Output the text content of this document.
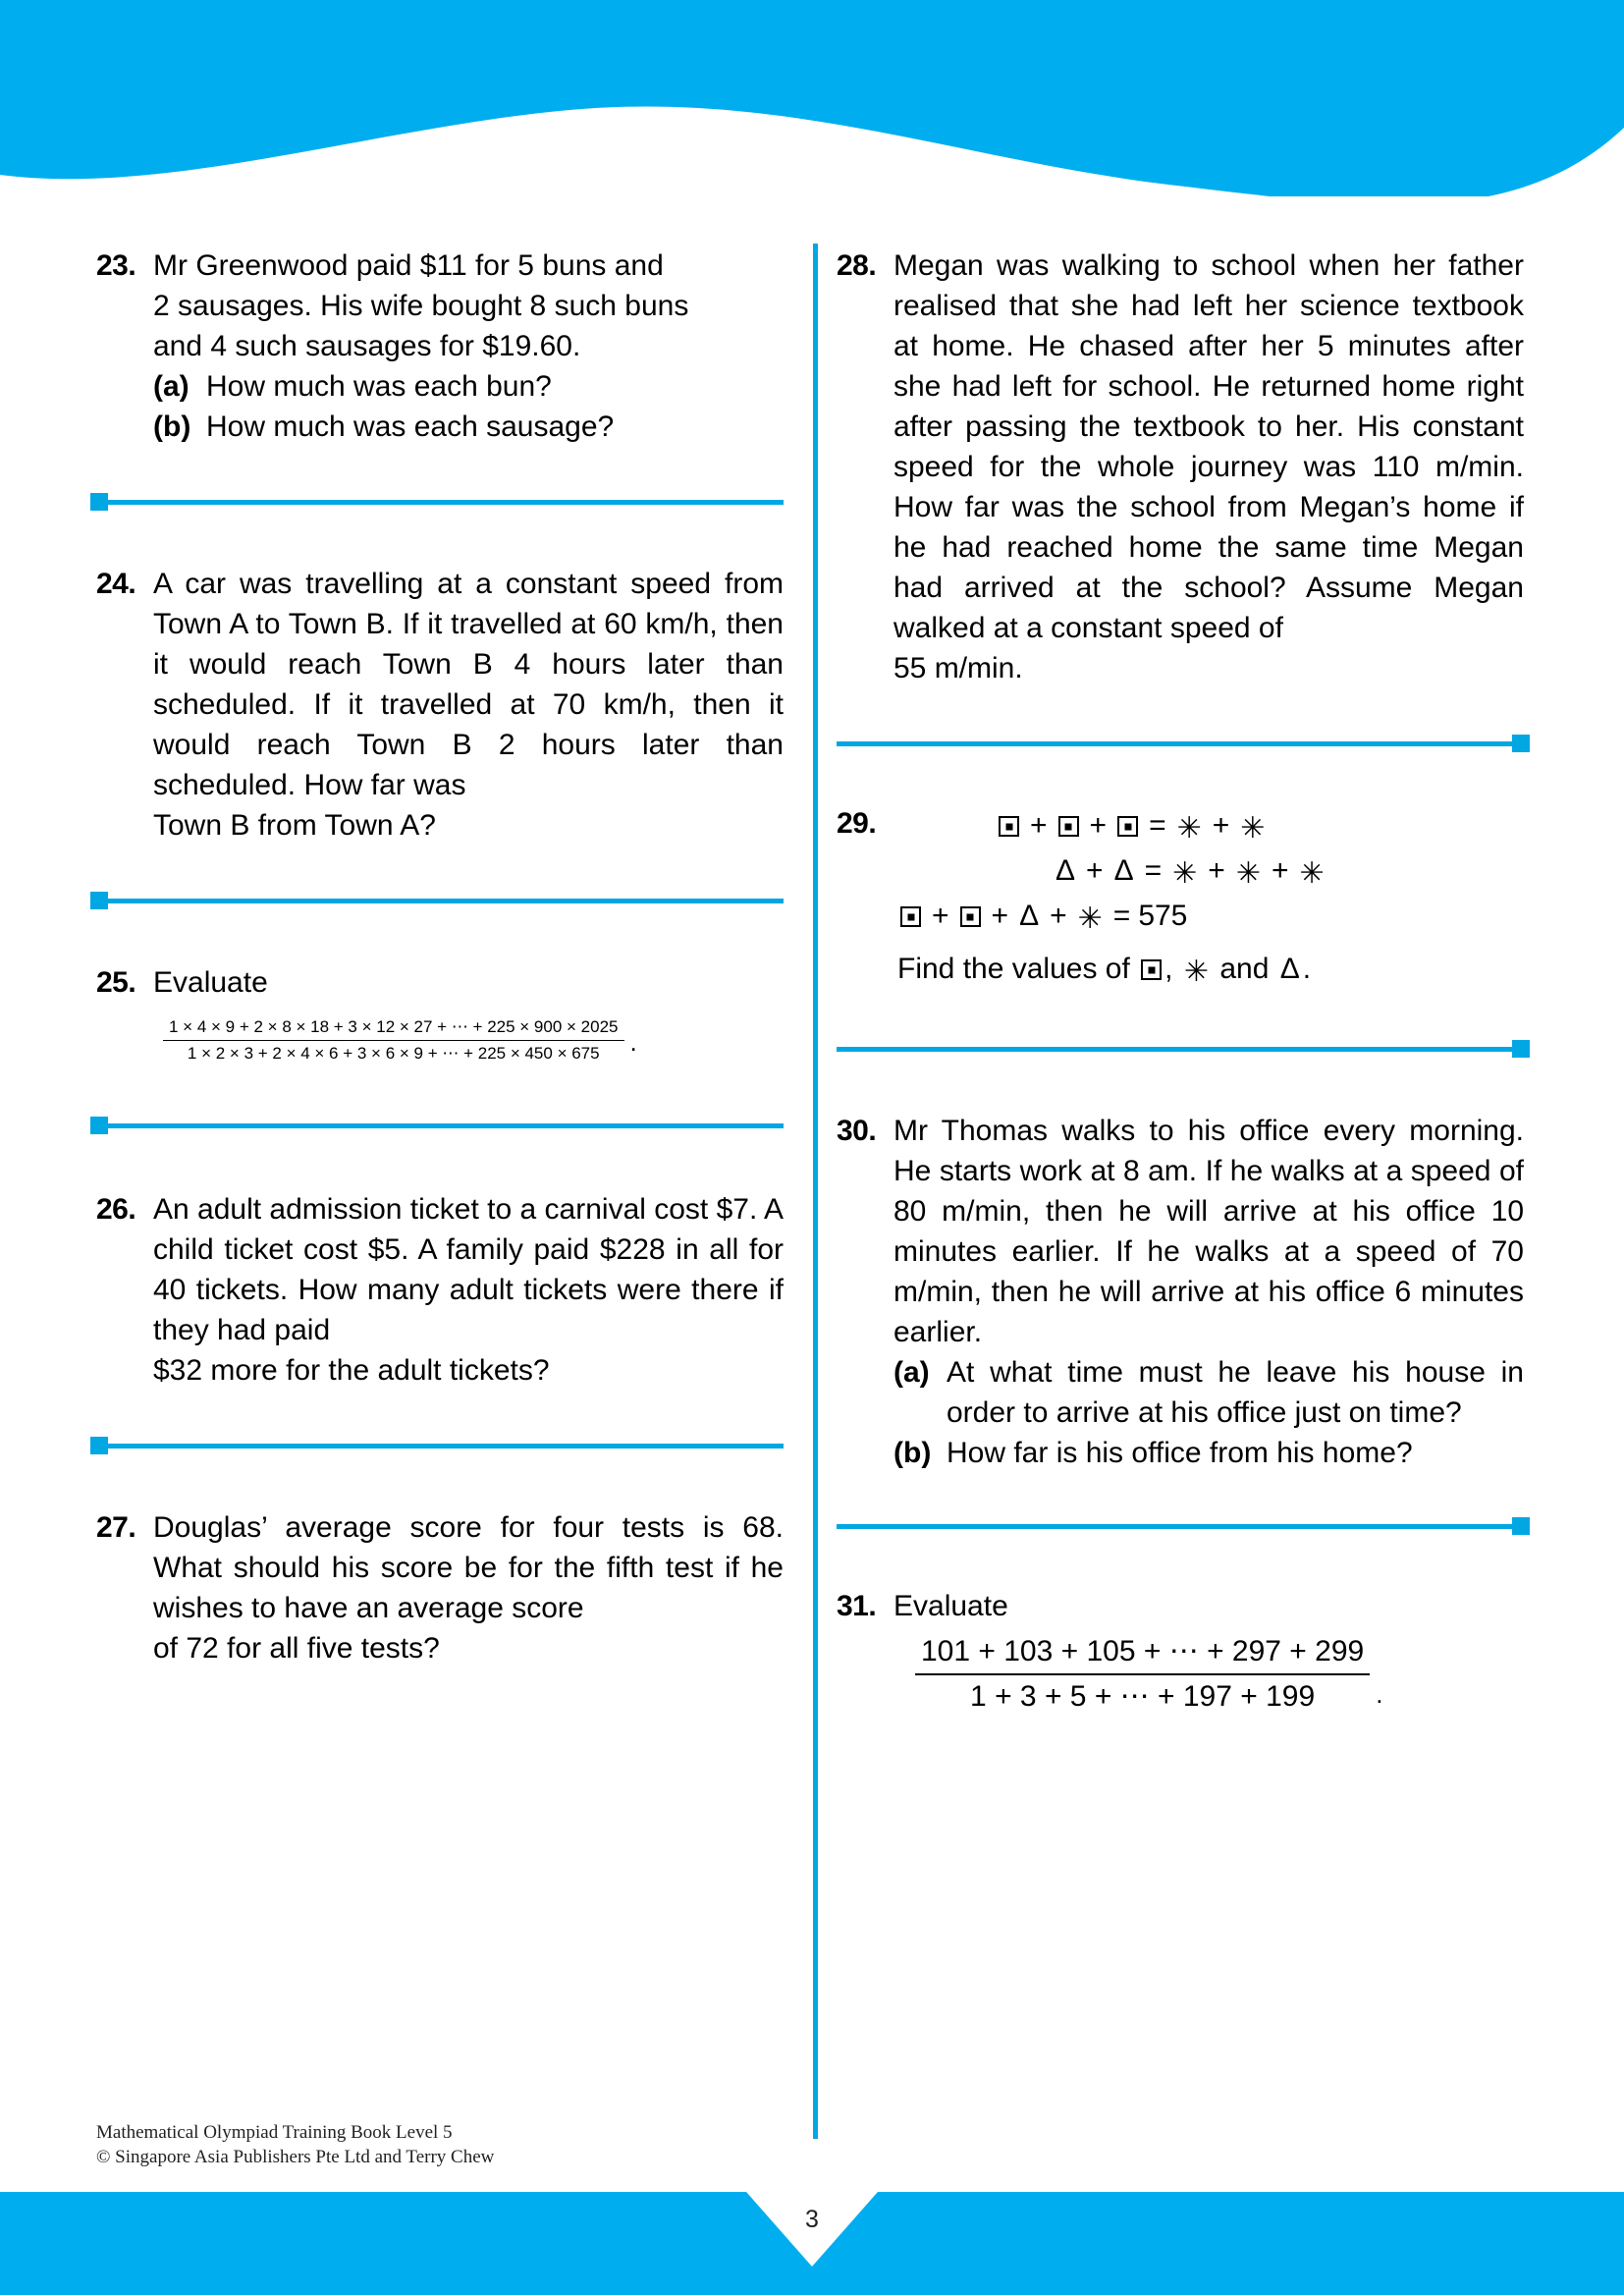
23. Mr Greenwood paid $11 for 5 buns and

2 sausages. His wife bought 8 such buns

and 4 such sausages for $19.60.

(a) How much was each bun?
(b) How much was each sausage?
24. A car was travelling at a constant speed from Town A to Town B. If it travelled at 60 km/h, then it would reach Town B 4 hours later than scheduled. If it travelled at 70 km/h, then it would reach Town B 2 hours later than scheduled. How far was

Town B from Town A?

25. Evaluate

$\frac{1 \times 4 \times 9 + 2 \times 8 \times 18 + 3 \times 12 \times 27 + \cdots + 225 \times 900 \times 2025}{1 \times 2 \times 3 + 2 \times 4 \times 6 + 3 \times 6 \times 9 + \cdots + 225 \times 450 \times 675}$ .
26. An adult admission ticket to a carnival cost $7. A child ticket cost $5. A family paid $228 in all for 40 tickets. How many adult tickets were there if they had paid

$32 more for the adult tickets?

27. Douglas’ average score for four tests is 68. What should his score be for the fifth test if he wishes to have an average score

of 72 for all five tests?

28. Megan was walking to school when her father realised that she had left her science textbook at home. He chased after her 5 minutes after she had left for school. He returned home right after passing the textbook to her. His constant speed for the whole journey was 110 m/min. How far was the school from Megan’s home if he had reached home the same time Megan had arrived at the school? Assume Megan walked at a constant speed of

55 m/min.

29.	+ + = ✳ + ✳
Δ + Δ = ✳ + ✳ + ✳
+ + Δ + ✳ = 575
Find the values of , ✳ and Δ .
30. Mr Thomas walks to his office every morning. He starts work at 8 am. If he walks at a speed of 80 m/min, then he will arrive at his office 10 minutes earlier. If he walks at a speed of 70 m/min, then he will arrive at his office 6 minutes earlier.

(a) At what time must he leave his house in order to arrive at his office just on time?
(b) How far is his office from his home?
31. Evaluate

$\frac{101 + 103 + 105 + \cdots + 297 + 299}{1 + 3 + 5 + \cdots + 197 + 199}$ .
Mathematical Olympiad Training Book Level 5
© Singapore Asia Publishers Pte Ltd and Terry Chew
3
